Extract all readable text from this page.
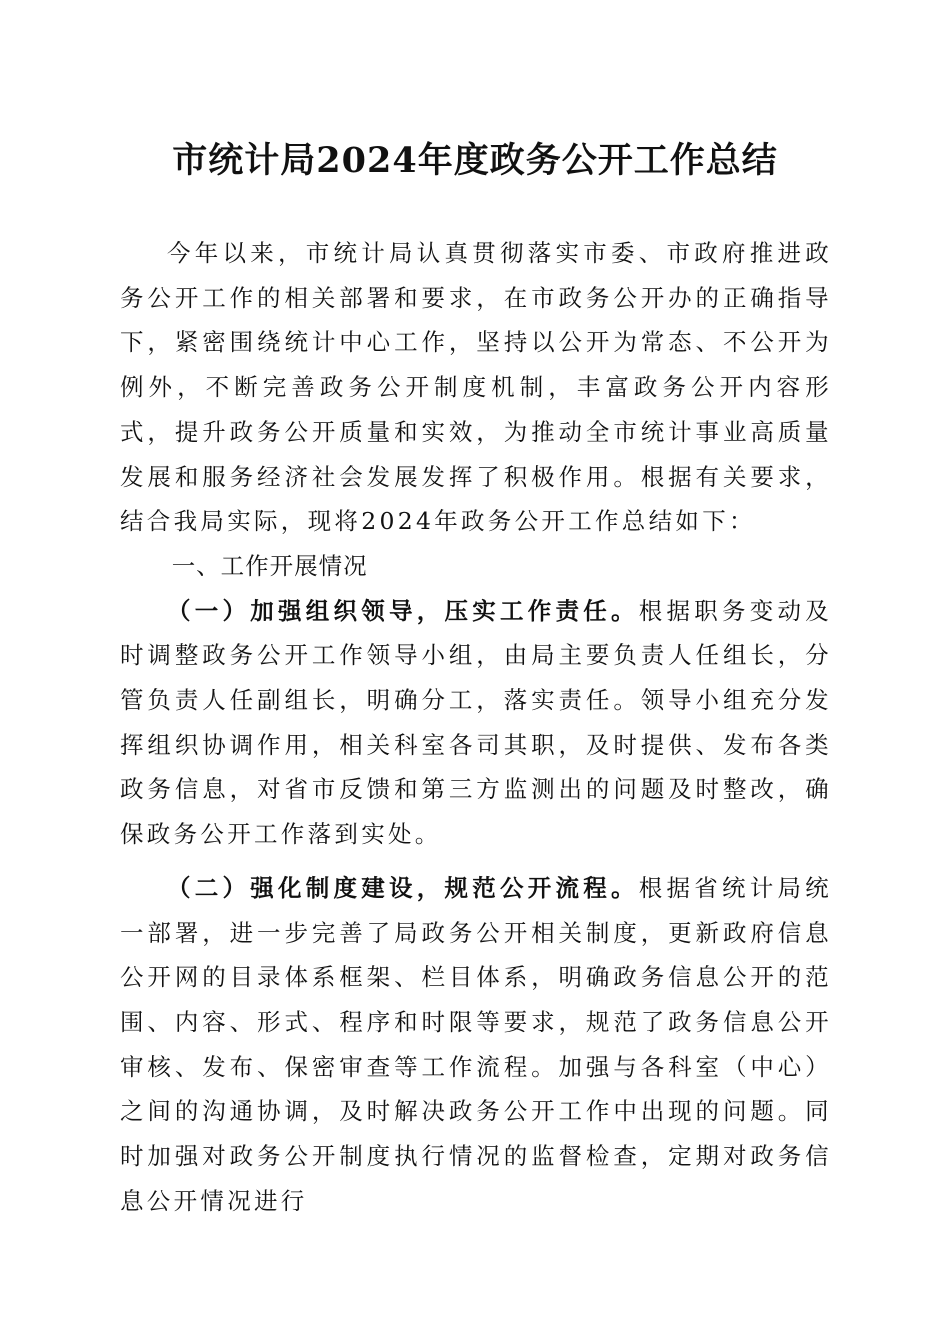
市统计局2024年度政务公开工作总结

今年以来，市统计局认真贯彻落实市委、市政府推进政务公开工作的相关部署和要求，在市政务公开办的正确指导下，紧密围绕统计中心工作，坚持以公开为常态、不公开为例外，不断完善政务公开制度机制，丰富政务公开内容形式，提升政务公开质量和实效，为推动全市统计事业高质量发展和服务经济社会发展发挥了积极作用。根据有关要求，结合我局实际，现将2024年政务公开工作总结如下：

一、工作开展情况

（一）加强组织领导，压实工作责任。根据职务变动及时调整政务公开工作领导小组，由局主要负责人任组长，分管负责人任副组长，明确分工，落实责任。领导小组充分发挥组织协调作用，相关科室各司其职，及时提供、发布各类政务信息，对省市反馈和第三方监测出的问题及时整改，确保政务公开工作落到实处。

（二）强化制度建设，规范公开流程。根据省统计局统一部署，进一步完善了局政务公开相关制度，更新政府信息公开网的目录体系框架、栏目体系，明确政务信息公开的范围、内容、形式、程序和时限等要求，规范了政务信息公开审核、发布、保密审查等工作流程。加强与各科室（中心）之间的沟通协调，及时解决政务公开工作中出现的问题。同时加强对政务公开制度执行情况的监督检查，定期对政务信息公开情况进行
